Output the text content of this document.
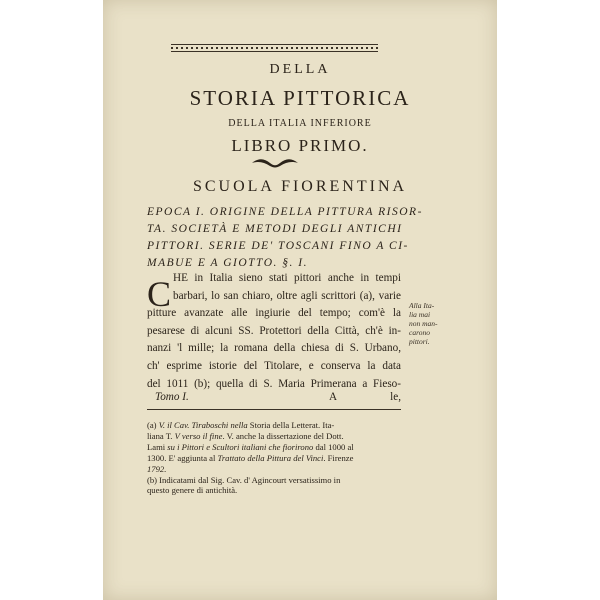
DELLA
STORIA PITTORICA
DELLA ITALIA INFERIORE
LIBRO PRIMO.
SCUOLA FIORENTINA
EPOCA I. ORIGINE DELLA PITTURA RISOR-
TA. SOCIETÀ E METODI DEGLI ANTICHI
PITTORI. SERIE DE' TOSCANI FINO A CI-
MABUE E A GIOTTO. §. I.
C HE in Italia sieno stati pittori anche in tempi
barbari, lo san chiaro, oltre agli scrittori (a), varie
pitture avanzate alle ingiurie del tempo; com'è la
pesarese di alcuni SS. Protettori della Città, ch'è in-
nanzi 'l mille; la romana della chiesa di S. Urbano,
ch' esprime istorie del Titolare, e conserva la data
del 1011 (b); quella di S. Maria Primerana a Fieso-
Alla Ita-
lia mai
non man-
carono
pittori.
Tomo I.	A	le,
(a) V. il Cav. Tiraboschi nella Storia della Letterat. Ita-
liana T. V verso il fine. V. anche la dissertazione del Dott.
Lami su i Pittori e Scultori italiani che fiorirono dal 1000 al
1300. E' aggiunta al Trattato della Pittura del Vinci. Firenze
1792.
(b) Indicatami dal Sig. Cav. d' Agincourt versatissimo in
questo genere di antichità.
